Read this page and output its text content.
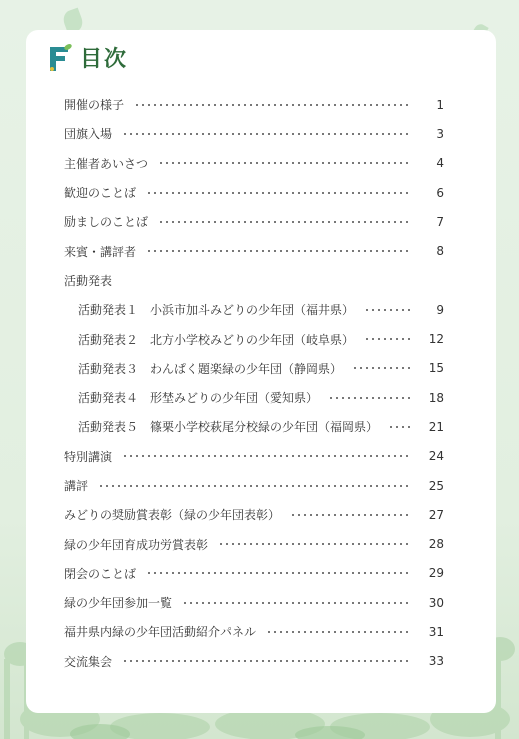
目次
開催の様子	1
団旗入場	3
主催者あいさつ	4
歓迎のことば	6
励ましのことば	7
来賓・講評者	8
活動発表
活動発表１　小浜市加斗みどりの少年団（福井県）	9
活動発表２　北方小学校みどりの少年団（岐阜県）	12
活動発表３　わんぱく題楽緑の少年団（静岡県）	15
活動発表４　形埜みどりの少年団（愛知県）	18
活動発表５　篠栗小学校萩尾分校緑の少年団（福岡県）	21
特別講演	24
講評	25
みどりの奨励賞表彰（緑の少年団表彰）	27
緑の少年団育成功労賞表彰	28
閉会のことば	29
緑の少年団参加一覧	30
福井県内緑の少年団活動紹介パネル	31
交流集会	33
